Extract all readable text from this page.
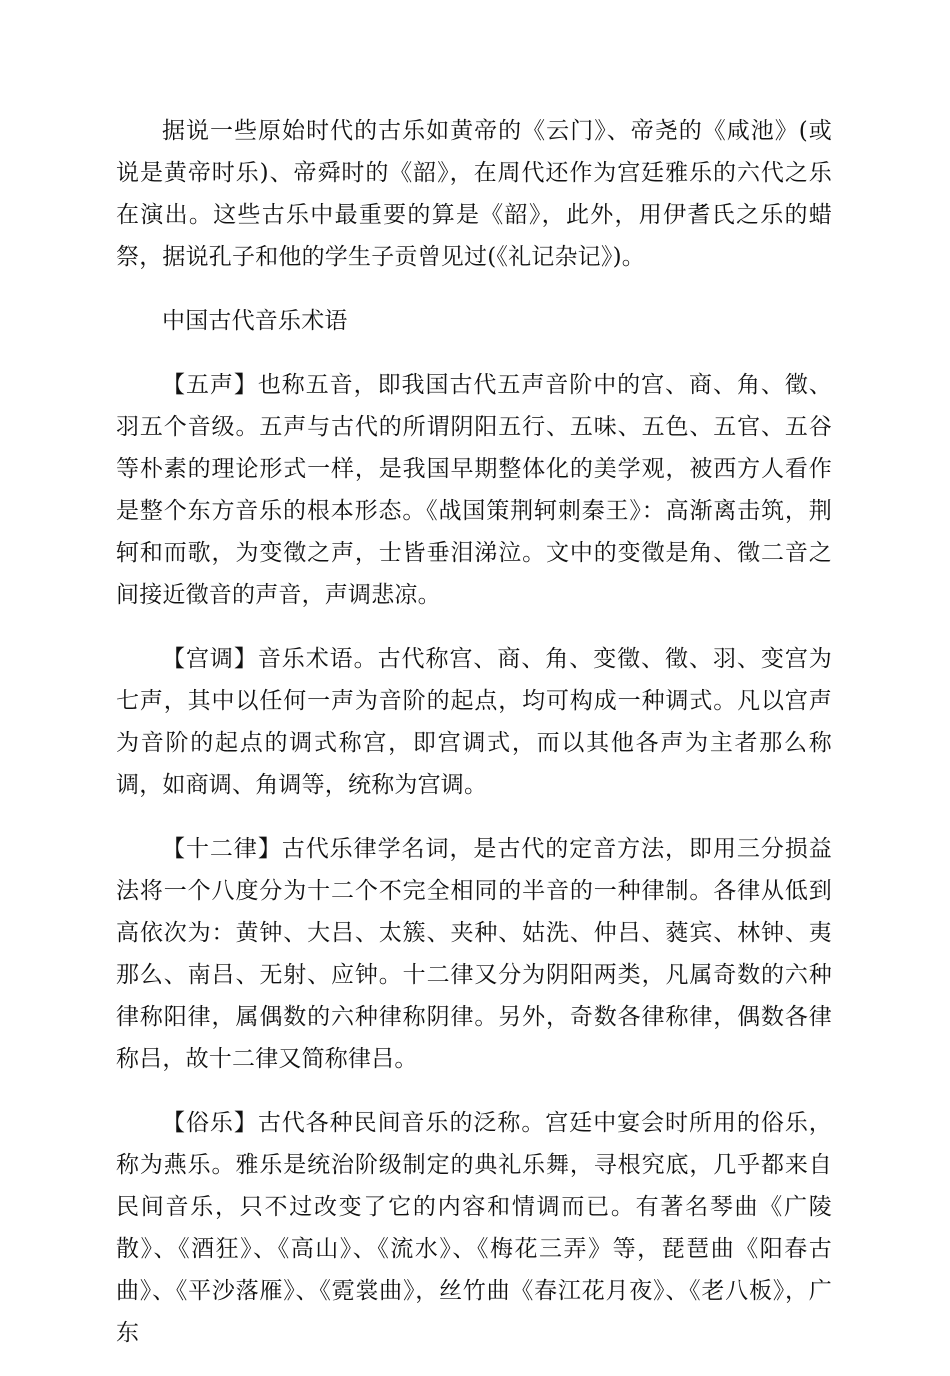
据说一些原始时代的古乐如黄帝的《云门》、帝尧的《咸池》(或说是黄帝时乐)、帝舜时的《韶》，在周代还作为宫廷雅乐的六代之乐在演出。这些古乐中最重要的算是《韶》，此外，用伊耆氏之乐的蜡祭，据说孔子和他的学生子贡曾见过(《礼记杂记》)。

中国古代音乐术语

【五声】也称五音，即我国古代五声音阶中的宫、商、角、徵、羽五个音级。五声与古代的所谓阴阳五行、五味、五色、五官、五谷等朴素的理论形式一样，是我国早期整体化的美学观，被西方人看作是整个东方音乐的根本形态。《战国策荆轲刺秦王》：高渐离击筑，荆轲和而歌，为变徵之声，士皆垂泪涕泣。文中的变徵是角、徵二音之间接近徵音的声音，声调悲凉。

【宫调】音乐术语。古代称宫、商、角、变徵、徵、羽、变宫为七声，其中以任何一声为音阶的起点，均可构成一种调式。凡以宫声为音阶的起点的调式称宫，即宫调式，而以其他各声为主者那么称调，如商调、角调等，统称为宫调。

【十二律】古代乐律学名词，是古代的定音方法，即用三分损益法将一个八度分为十二个不完全相同的半音的一种律制。各律从低到高依次为：黄钟、大吕、太簇、夹种、姑洗、仲吕、蕤宾、林钟、夷那么、南吕、无射、应钟。十二律又分为阴阳两类，凡属奇数的六种律称阳律，属偶数的六种律称阴律。另外，奇数各律称律，偶数各律称吕，故十二律又简称律吕。

【俗乐】古代各种民间音乐的泛称。宫廷中宴会时所用的俗乐，称为燕乐。雅乐是统治阶级制定的典礼乐舞，寻根究底，几乎都来自民间音乐，只不过改变了它的内容和情调而已。有著名琴曲《广陵散》、《酒狂》、《高山》、《流水》、《梅花三弄》等，琵琶曲《阳春古曲》、《平沙落雁》、《霓裳曲》，丝竹曲《春江花月夜》、《老八板》，广东
